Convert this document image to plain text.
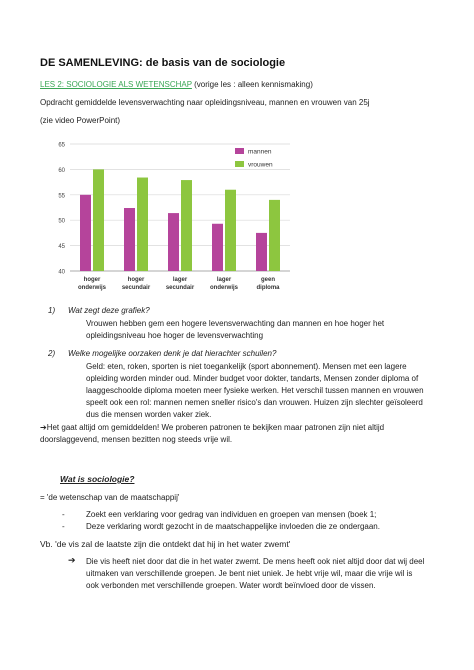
DE SAMENLEVING: de basis van de sociologie
LES 2: SOCIOLOGIE ALS WETENSCHAP (vorige les : alleen kennismaking)
Opdracht gemiddelde levensverwachting naar opleidingsniveau, mannen en vrouwen van 25j
(zie video PowerPoint)
40
45
50
55
60
65
hoger
onderwijs
hoger
secundair
lager
secundair
lager
onderwijs
geen
diploma
mannen
vrouwen
1) Wat zegt deze grafiek?
Vrouwen hebben gem een hogere levensverwachting dan mannen en hoe hoger het opleidingsniveau hoe hoger de levensverwachting
2) Welke mogelijke oorzaken denk je dat hierachter schuilen?
Geld: eten, roken, sporten is niet toegankelijk (sport abonnement). Mensen met een lagere opleiding worden minder oud. Minder budget voor dokter, tandarts, Mensen zonder diploma of laaggeschoolde diploma moeten meer fysieke werken. Het verschil tussen mannen en vrouwen speelt ook een rol: mannen nemen sneller risico's dan vrouwen. Huizen zijn slechter geïsoleerd dus die mensen worden vaker ziek.
➔Het gaat altijd om gemiddelden! We proberen patronen te bekijken maar patronen zijn niet altijd doorslaggevend, mensen bezitten nog steeds vrije wil.
Wat is sociologie?
= 'de wetenschap van de maatschappij'
-	Zoekt een verklaring voor gedrag van individuen en groepen van mensen (boek 1;
-	Deze verklaring wordt gezocht in de maatschappelijke invloeden die ze ondergaan.
Vb. 'de vis zal de laatste zijn die ontdekt dat hij in het water zwemt'
➔ Die vis heeft niet door dat die in het water zwemt. De mens heeft ook niet altijd door dat wij deel uitmaken van verschillende groepen. Je bent niet uniek. Je hebt vrije wil, maar die vrije wil is ook verbonden met verschillende groepen. Water wordt beïnvloed door de vissen.
